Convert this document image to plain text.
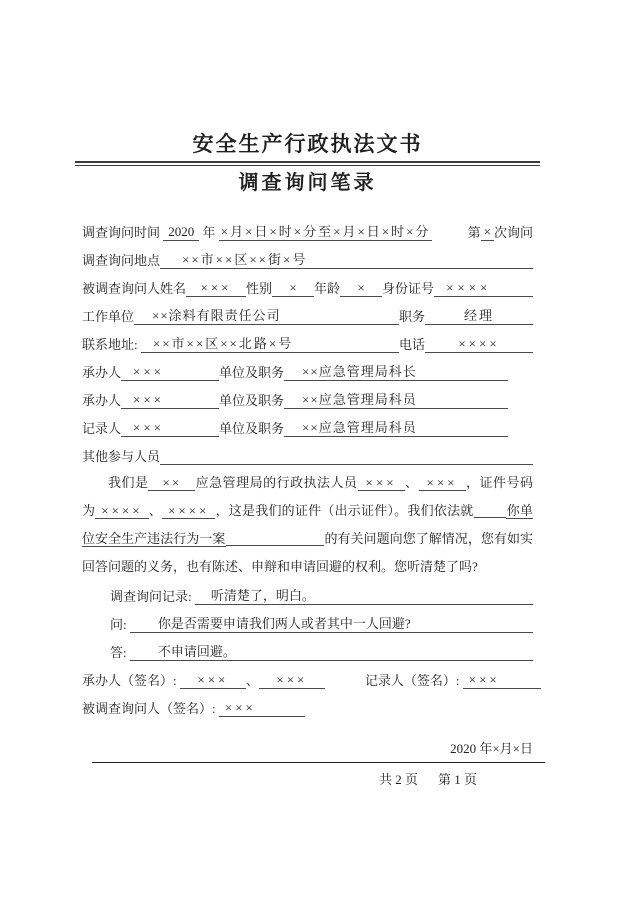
安全生产行政执法文书
调查询问笔录
调查询问时间 2020 年 ×月×日×时×分至×月×日×时×分	第 × 次询问
调查询问地点	××市××区××街×号
被调查询问人姓名	×××	性别	×	年龄	×	身份证号 ××××
工作单位	××涂料有限责任公司	职务	经理
联系地址: ××市××区××北路×号	电话	××××
承办人 ×××	单位及职务	××应急管理局科长
承办人 ×××	单位及职务	××应急管理局科员
记录人 ×××	单位及职务	××应急管理局科员
其他参与人员

我们是 ×× 应急管理局的行政执法人员 ××× 、 ××× ，证件号码为 ×××× 、 ×××× ，这是我们的证件（出示证件）。我们依法就	你单位安全生产违法行为一案	的有关问题向您了解情况，您有如实回答问题的义务，也有陈述、申辩和申请回避的权利。您听清楚了吗?

调查询问记录:	听清楚了，明白。
问:	你是否需要申请我们两人或者其中一人回避?
答:	不申请回避。
承办人（签名）:	×××	、	×××	记录人（签名）: ×××
被调查询问人（签名）: ×××
2020 年×月×日
共 2 页 第 1 页
